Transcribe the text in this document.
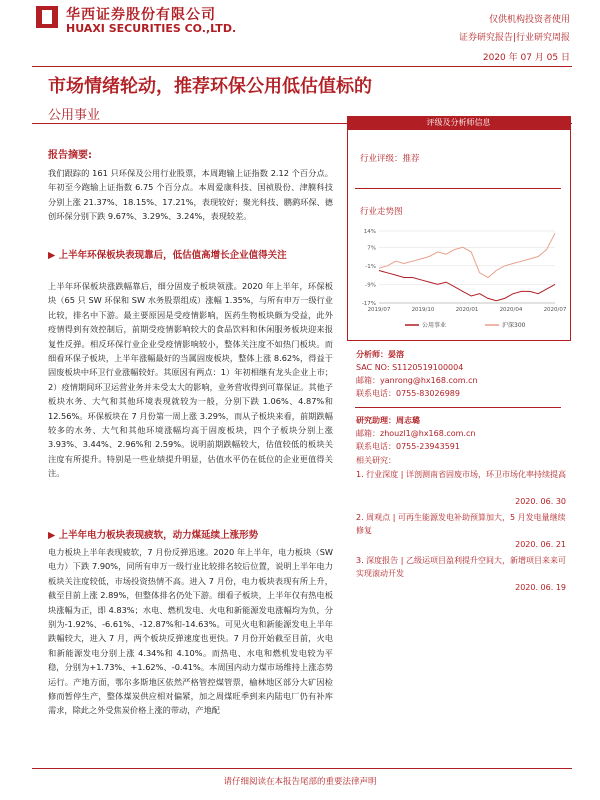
华西证券股份有限公司
HUAXI SECURITIES CO.,LTD.
仅供机构投资者使用
证券研究报告|行业研究周报
2020 年 07 月 05 日
市场情绪轮动，推荐环保公用低估值标的
公用事业
报告摘要:
我们跟踪的 161 只环保及公用行业股票，本周跑输上证指数 2.12 个百分点。年初至今跑输上证指数 6.75 个百分点。本周爱康科技、国祯股份、津膜科技分别上涨 21.37%、18.15%、17.21%，表现较好；聚光科技、鹏鹞环保、德创环保分别下跌 9.67%、3.29%、3.24%，表现较差。
▶ 上半年环保板块表现靠后，低估值高增长企业值得关注
上半年环保板块涨跌幅靠后，细分固废子板块领涨。2020 年上半年，环保板块（65 只 SW 环保和 SW 水务股票组成）涨幅 1.35%，与所有申万一级行业比较，排名中下游。最主要原因是受疫情影响，医药生物板块颇为受益，此外疫情得到有效控制后，前期受疫情影响较大的食品饮料和休闲服务板块迎来报复性反弹。相反环保行业企业受疫情影响较小，整体关注度不如热门板块。而细看环保子板块，上半年涨幅最好的当属固废板块，整体上涨 8.62%，得益于固废板块中环卫行业涨幅较好。其原因有两点：1）年初相继有龙头企业上市；2）疫情期间环卫运营业务并未受太大的影响，业务营收得到可靠保证。其他子板块水务、大气和其他环境表现就较为一般，分别下跌 1.06%、4.87%和 12.56%。环保板块在 7 月份第一周上涨 3.29%，而从子板块来看，前期跌幅较多的水务、大气和其他环境涨幅均高于固废板块，四个子板块分别上涨 3.93%、3.44%、2.96%和 2.59%。说明前期跌幅较大，估值较低的板块关注度有所提升。特别是一些业绩提升明显，估值水平仍在低位的企业更值得关注。
▶ 上半年电力板块表现疲软，动力煤延续上涨形势
电力板块上半年表现疲软，7 月份反弹迅速。2020 年上半年，电力板块（SW 电力）下跌 7.90%，同所有申万一级行业比较排名较后位置，说明上半年电力板块关注度较低，市场投资热情不高。进入 7 月份，电力板块表现有所上升，截至目前上涨 2.89%，但整体排名仍处下游。细看子板块，上半年仅有热电板块涨幅为正，即 4.83%；水电、燃机发电、火电和新能源发电涨幅均为负，分别为-1.92%、-6.61%、-12.87%和-14.63%。可见火电和新能源发电上半年跌幅较大，进入 7 月，两个板块反弹速度也更快。7 月份开始截至目前，火电和新能源发电分别上涨 4.34%和 4.10%。而热电、水电和燃机发电较为平稳，分别为+1.73%、+1.62%、-0.41%。本周国内动力煤市场维持上涨态势运行。产地方面，鄂尔多斯地区依然严格管控煤管票，榆林地区部分大矿因检修而暂停生产，整体煤炭供应相对偏紧，加之周煤旺季到来内陆电厂仍有补库需求，除此之外受焦炭价格上涨的带动，产地配
评级及分析师信息
行业评级：推荐
行业走势图
14%
7%
-1%
-9%
-17%
2019/07	2019/10	2020/01	2020/04	2020/07
公用事业	沪深300
分析师：晏溶
SAC NO: S1120519100004
邮箱：yanrong@hx168.com.cn
联系电话：0755-83026989
研究助理：周志璐
邮箱：zhouzl1@hx168.com.cn
联系电话：0755-23943591
相关研究：
1. 行业深度 | 详剖测南省固废市场，环卫市场化率持续提高
2020. 06. 30
2. 周观点 | 可再生能源发电补助预算加大，5 月发电量继续修复
2020. 06. 21
3. 深度报告 | 乙级运项目盈利提升空间大，新增项目来来可实现滚动开发
2020. 06. 19
请仔细阅读在本报告尾部的重要法律声明
